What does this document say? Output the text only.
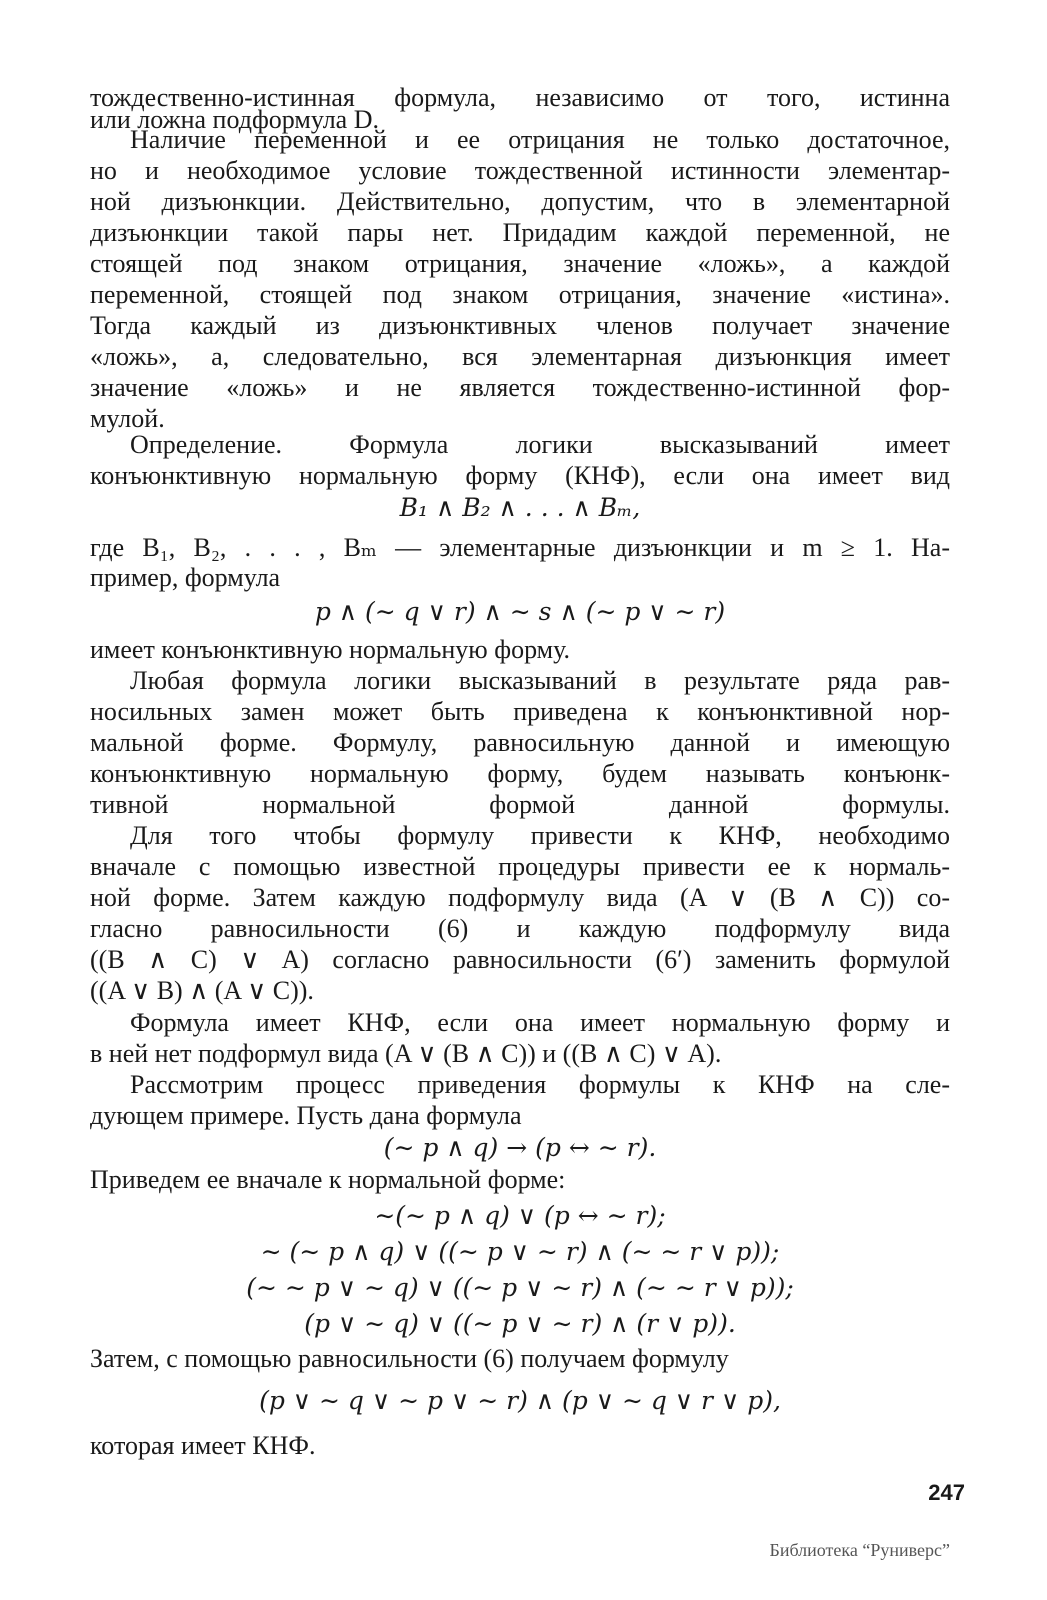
тождественно-истинная формула, независимо от того, истинна
или ложна подформула D.
Наличие переменной и ее отрицания не только достаточное,
но и необходимое условие тождественной истинности элементар-
ной дизъюнкции. Действительно, допустим, что в элементарной
дизъюнкции такой пары нет. Придадим каждой переменной, не
стоящей под знаком отрицания, значение «ложь», а каждой
переменной, стоящей под знаком отрицания, значение «истина».
Тогда каждый из дизъюнктивных членов получает значение
«ложь», а, следовательно, вся элементарная дизъюнкция имеет
значение «ложь» и не является тождественно-истинной фор-
мулой.
Определение. Формула логики высказываний имеет
конъюнктивную нормальную форму (КНФ), если она имеет вид
B₁ ∧ B₂ ∧ . . . ∧ Bₘ,
где B₁, B₂, . . . , Bₘ — элементарные дизъюнкции и m ≥ 1. На-
пример, формула
p ∧ (∼ q ∨ r) ∧ ∼ s ∧ (∼ p ∨ ∼ r)
имеет конъюнктивную нормальную форму.
Любая формула логики высказываний в результате ряда рав-
носильных замен может быть приведена к конъюнктивной нор-
мальной форме. Формулу, равносильную данной и имеющую
конъюнктивную нормальную форму, будем называть конъюнк-
тивной нормальной формой данной формулы.
Для того чтобы формулу привести к КНФ, необходимо
вначале с помощью известной процедуры привести ее к нормаль-
ной форме. Затем каждую подформулу вида (A ∨ (B ∧ C)) со-
гласно равносильности (6) и каждую подформулу вида
((B ∧ C) ∨ A) согласно равносильности (6′) заменить формулой
((A ∨ B) ∧ (A ∨ C)).
Формула имеет КНФ, если она имеет нормальную форму и
в ней нет подформул вида (A ∨ (B ∧ C)) и ((B ∧ C) ∨ A).
Рассмотрим процесс приведения формулы к КНФ на сле-
дующем примере. Пусть дана формула
(∼ p ∧ q) → (p ↔ ∼ r).
Приведем ее вначале к нормальной форме:
∼(∼ p ∧ q) ∨ (p ↔ ∼ r);
∼ (∼ p ∧ q) ∨ ((∼ p ∨ ∼ r) ∧ (∼ ∼ r ∨ p));
(∼ ∼ p ∨ ∼ q) ∨ ((∼ p ∨ ∼ r) ∧ (∼ ∼ r ∨ p));
(p ∨ ∼ q) ∨ ((∼ p ∨ ∼ r) ∧ (r ∨ p)).
Затем, с помощью равносильности (6) получаем формулу
(p ∨ ∼ q ∨ ∼ p ∨ ∼ r) ∧ (p ∨ ∼ q ∨ r ∨ p),
которая имеет КНФ.
247
Библиотека “Руниверс”
